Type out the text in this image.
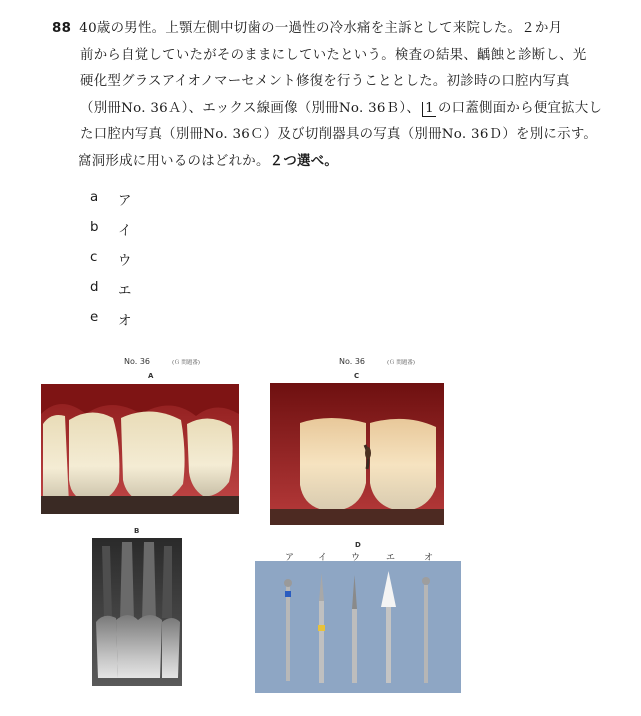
88 40歳の男性。上顎左側中切歯の一過性の冷水痛を主訴として来院した。２か月
前から自覚していたがそのままにしていたという。検査の結果、齲蝕と診断し、光
硬化型グラスアイオノマーセメント修復を行うこととした。初診時の口腔内写真
（別冊No. 36Ａ）、エックス線画像（別冊No. 36Ｂ）、 1 の口蓋側面から便宜拡大し
た口腔内写真（別冊No. 36Ｃ）及び切削器具の写真（別冊No. 36Ｄ）を別に示す。
窩洞形成に用いるのはどれか。２つ選べ。
a	ア
b	イ
c	ウ
d	エ
e	オ
No. 36	(Ｇ 問題番)	No. 36	(Ｇ 問題番)
A	C
B
D
ア	イ	ウ	エ	オ
